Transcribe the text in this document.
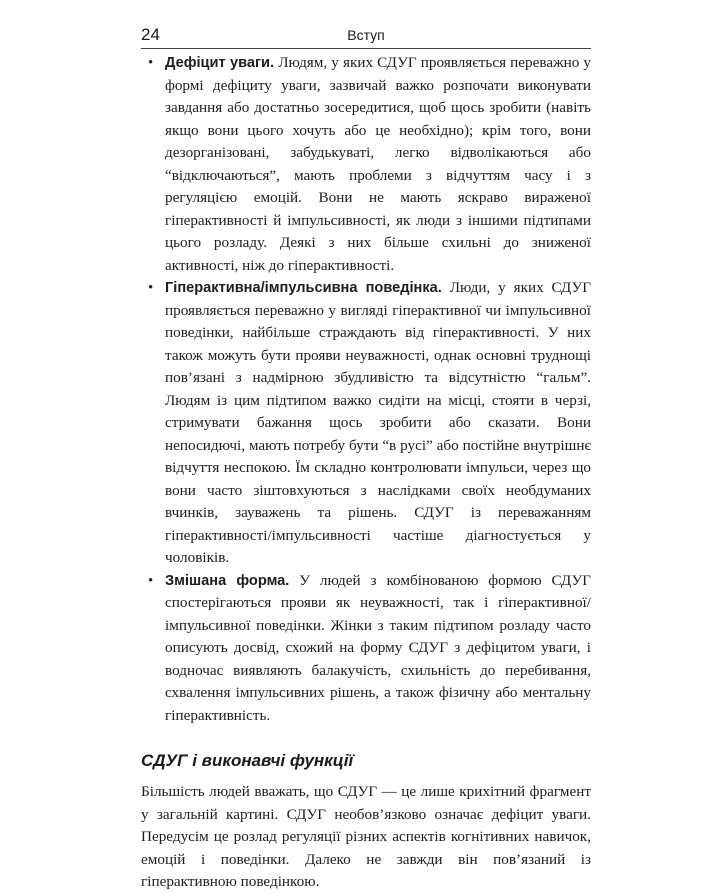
24	Вступ
• Дефіцит уваги. Людям, у яких СДУГ проявляється переважно у формі дефіциту уваги, зазвичай важко розпочати виконувати завдання або достатньо зосередитися, щоб щось зробити (навіть якщо вони цього хочуть або це необхідно); крім того, вони дезорганізовані, забудькуваті, легко відволікаються або “відключаються”, мають проблеми з відчуттям часу і з регуляцією емоцій. Вони не мають яскраво вираженої гіперактивності й імпульсивності, як люди з іншими підтипами цього розладу. Деякі з них більше схильні до зниженої активності, ніж до гіперактивності.
• Гіперактивна/імпульсивна поведінка. Люди, у яких СДУГ проявляється переважно у вигляді гіперактивної чи імпульсивної поведінки, найбільше страждають від гіперактивності. У них також можуть бути прояви неуважності, однак основні труднощі пов’язані з надмірною збудливістю та відсутністю “гальм”. Людям із цим підтипом важко сидіти на місці, стояти в черзі, стримувати бажання щось зробити або сказати. Вони непосидючі, мають потребу бути “в русі” або постійне внутрішнє відчуття неспокою. Їм складно контролювати імпульси, через що вони часто зіштовхуються з наслідками своїх необдуманих вчинків, зауважень та рішень. СДУГ із переважанням гіперактивності/імпульсивності частіше діагностується у чоловіків.
• Змішана форма. У людей з комбінованою формою СДУГ спостерігаються прояви як неуважності, так і гіперактивної/імпульсивної поведінки. Жінки з таким підтипом розладу часто описують досвід, схожий на форму СДУГ з дефіцитом уваги, і водночас виявляють балакучість, схильність до перебивання, схвалення імпульсивних рішень, а також фізичну або ментальну гіперактивність.
СДУГ і виконавчі функції

Більшість людей вважать, що СДУГ — це лише крихітний фрагмент у загальній картині. СДУГ необов’язково означає дефіцит уваги. Передусім це розлад регуляції різних аспектів когнітивних навичок, емоцій і поведінки. Далеко не завжди він пов’язаний із гіперактивною поведінкою.
